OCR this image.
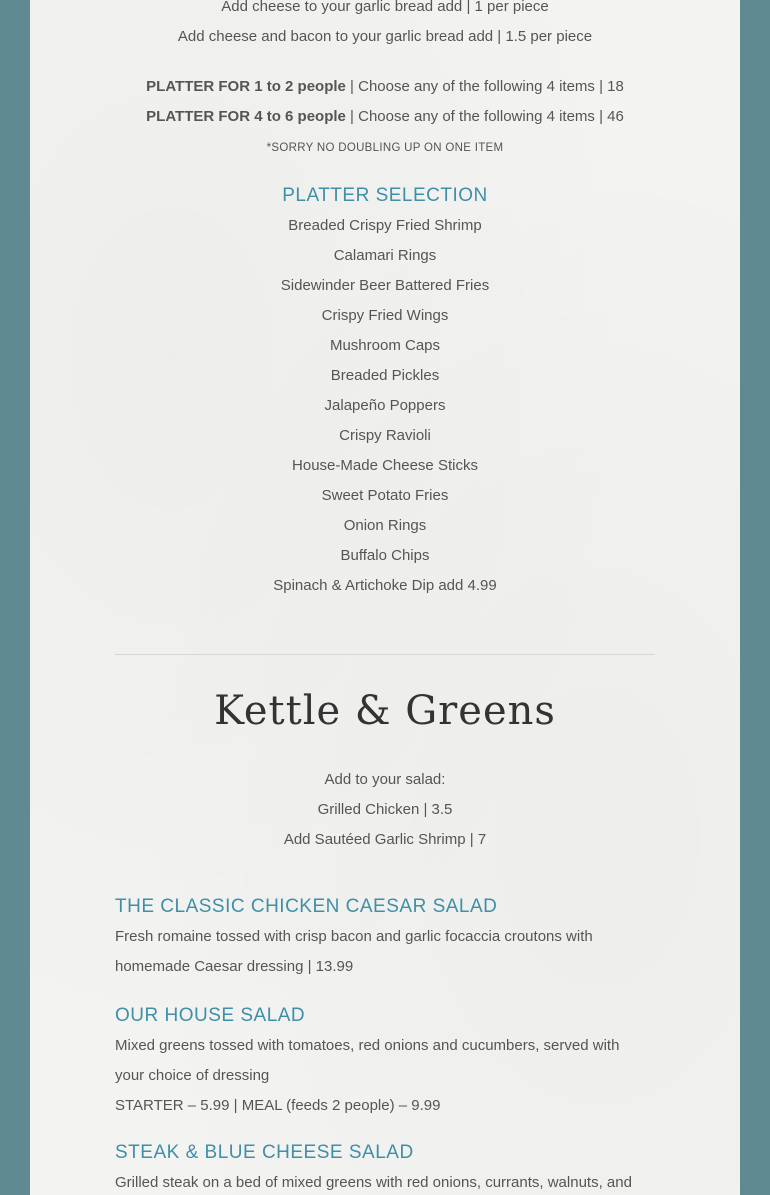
Add cheese to your garlic bread add | 1 per piece
Add cheese and bacon to your garlic bread add | 1.5 per piece
PLATTER FOR 1 to 2 people | Choose any of the following 4 items | 18
PLATTER FOR 4 to 6 people | Choose any of the following 4 items | 46
*SORRY NO DOUBLING UP ON ONE ITEM
PLATTER SELECTION
Breaded Crispy Fried Shrimp
Calamari Rings
Sidewinder Beer Battered Fries
Crispy Fried Wings
Mushroom Caps
Breaded Pickles
Jalapeño Poppers
Crispy Ravioli
House-Made Cheese Sticks
Sweet Potato Fries
Onion Rings
Buffalo Chips
Spinach & Artichoke Dip add 4.99
Kettle & Greens
Add to your salad:
Grilled Chicken | 3.5
Add Sautéed Garlic Shrimp | 7
THE CLASSIC CHICKEN CAESAR SALAD
Fresh romaine tossed with crisp bacon and garlic focaccia croutons with
homemade Caesar dressing | 13.99
OUR HOUSE SALAD
Mixed greens tossed with tomatoes, red onions and cucumbers, served with
your choice of dressing
STARTER – 5.99 | MEAL (feeds 2 people) – 9.99
STEAK & BLUE CHEESE SALAD
Grilled steak on a bed of mixed greens with red onions, currants, walnuts, and
